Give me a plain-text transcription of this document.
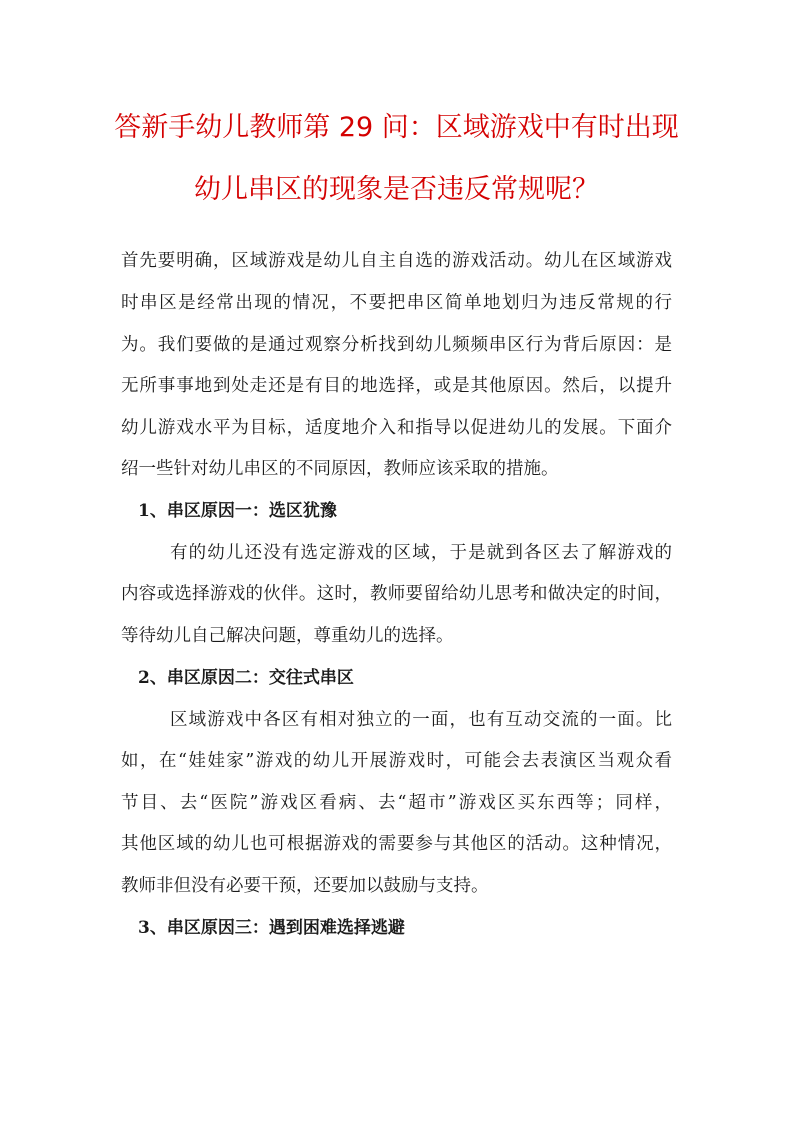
答新手幼儿教师第 29 问：区域游戏中有时出现
幼儿串区的现象是否违反常规呢？
首先要明确，区域游戏是幼儿自主自选的游戏活动。幼儿在区域游戏
时串区是经常出现的情况，不要把串区简单地划归为违反常规的行
为。我们要做的是通过观察分析找到幼儿频频串区行为背后原因：是
无所事事地到处走还是有目的地选择，或是其他原因。然后，以提升
幼儿游戏水平为目标，适度地介入和指导以促进幼儿的发展。下面介
绍一些针对幼儿串区的不同原因，教师应该采取的措施。
1、串区原因一：选区犹豫
有的幼儿还没有选定游戏的区域，于是就到各区去了解游戏的
内容或选择游戏的伙伴。这时，教师要留给幼儿思考和做决定的时间，
等待幼儿自己解决问题，尊重幼儿的选择。
2、串区原因二：交往式串区
区域游戏中各区有相对独立的一面，也有互动交流的一面。比
如，在“娃娃家”游戏的幼儿开展游戏时，可能会去表演区当观众看
节目、去“医院”游戏区看病、去“超市”游戏区买东西等；同样，
其他区域的幼儿也可根据游戏的需要参与其他区的活动。这种情况，
教师非但没有必要干预，还要加以鼓励与支持。
3、串区原因三：遇到困难选择逃避
